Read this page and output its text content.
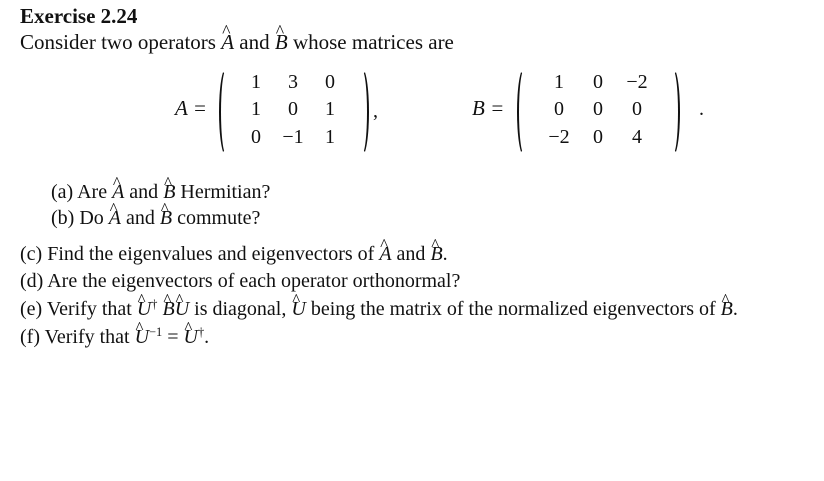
Exercise 2.24
Consider two operators ^ A and ^ B whose matrices are
A =
1	3	0
1	0	1
0	−1	1
,	B =
1	0	−2
0	0	0
−2	0	4
.
(a) Are ^ A and ^ B Hermitian?
(b) Do ^ A and ^ B commute?
(c) Find the eigenvalues and eigenvectors of ^ A and ^ B.
(d) Are the eigenvectors of each operator orthonormal?
(e) Verify that ^ U† ^ B^ U is diagonal, ^ U being the matrix of the normalized eigenvectors of ^ B.
(f) Verify that ^ $U^{-1}$ = ^ U†.
